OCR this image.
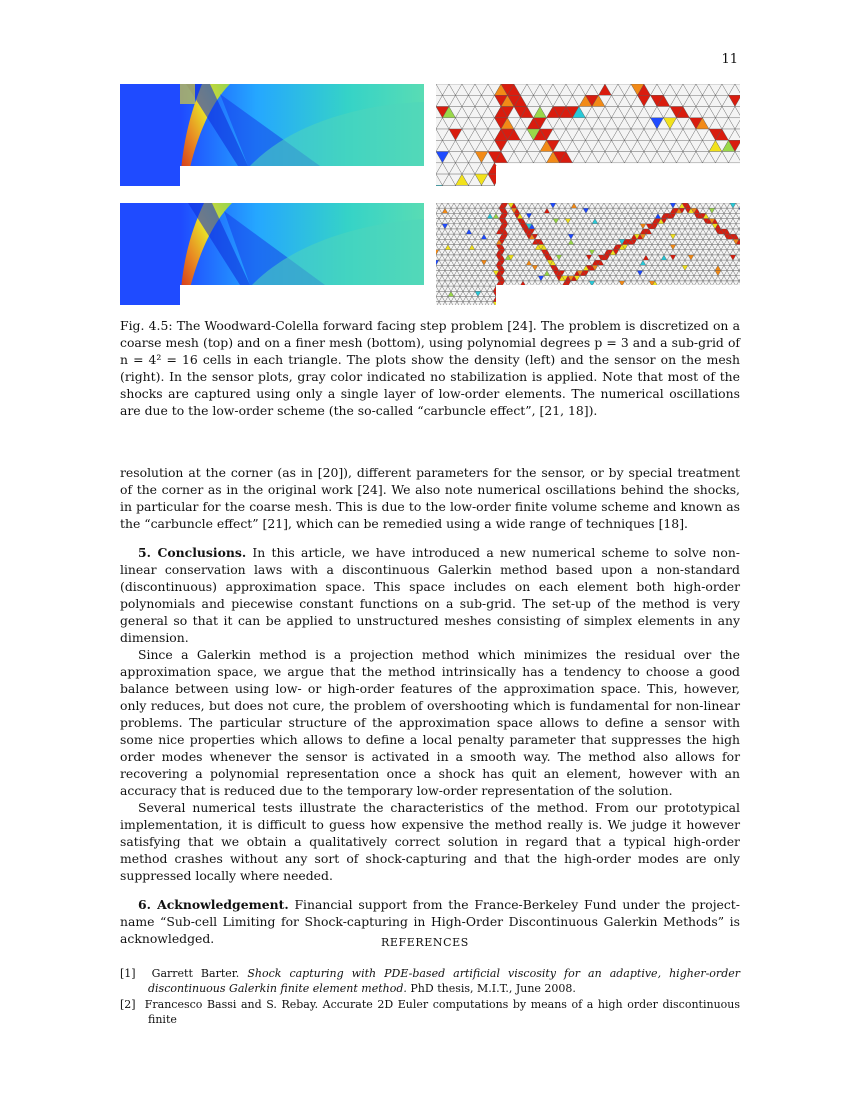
11
Fig. 4.5: The Woodward-Colella forward facing step problem [24]. The problem is discretized on a coarse mesh (top) and on a finer mesh (bottom), using polynomial degrees p = 3 and a sub-grid of n = 4² = 16 cells in each triangle. The plots show the density (left) and the sensor on the mesh (right). In the sensor plots, gray color indicated no stabilization is applied. Note that most of the shocks are captured using only a single layer of low-order elements. The numerical oscillations are due to the low-order scheme (the so-called “carbuncle effect”, [21, 18]).

resolution at the corner (as in [20]), different parameters for the sensor, or by special treatment of the corner as in the original work [24]. We also note numerical oscillations behind the shocks, in particular for the coarse mesh. This is due to the low-order finite volume scheme and known as the “carbuncle effect” [21], which can be remedied using a wide range of techniques [18].

5. Conclusions. In this article, we have introduced a new numerical scheme to solve non-linear conservation laws with a discontinuous Galerkin method based upon a non-standard (discontinuous) approximation space. This space includes on each element both high-order polynomials and piecewise constant functions on a sub-grid. The set-up of the method is very general so that it can be applied to unstructured meshes consisting of simplex elements in any dimension.

Since a Galerkin method is a projection method which minimizes the residual over the approximation space, we argue that the method intrinsically has a tendency to choose a good balance between using low- or high-order features of the approximation space. This, however, only reduces, but does not cure, the problem of overshooting which is fundamental for non-linear problems. The particular structure of the approximation space allows to define a sensor with some nice properties which allows to define a local penalty parameter that suppresses the high order modes whenever the sensor is activated in a smooth way. The method also allows for recovering a polynomial representation once a shock has quit an element, however with an accuracy that is reduced due to the temporary low-order representation of the solution.

Several numerical tests illustrate the characteristics of the method. From our prototypical implementation, it is difficult to guess how expensive the method really is. We judge it however satisfying that we obtain a qualitatively correct solution in regard that a typical high-order method crashes without any sort of shock-capturing and that the high-order modes are only suppressed locally where needed.

6. Acknowledgement. Financial support from the France-Berkeley Fund under the project-name “Sub-cell Limiting for Shock-capturing in High-Order Discontinuous Galerkin Methods” is acknowledged.	REFERENCES
[1] Garrett Barter. Shock capturing with PDE-based artificial viscosity for an adaptive, higher-order discontinuous Galerkin finite element method. PhD thesis, M.I.T., June 2008.
[2] Francesco Bassi and S. Rebay. Accurate 2D Euler computations by means of a high order discontinuous finite
